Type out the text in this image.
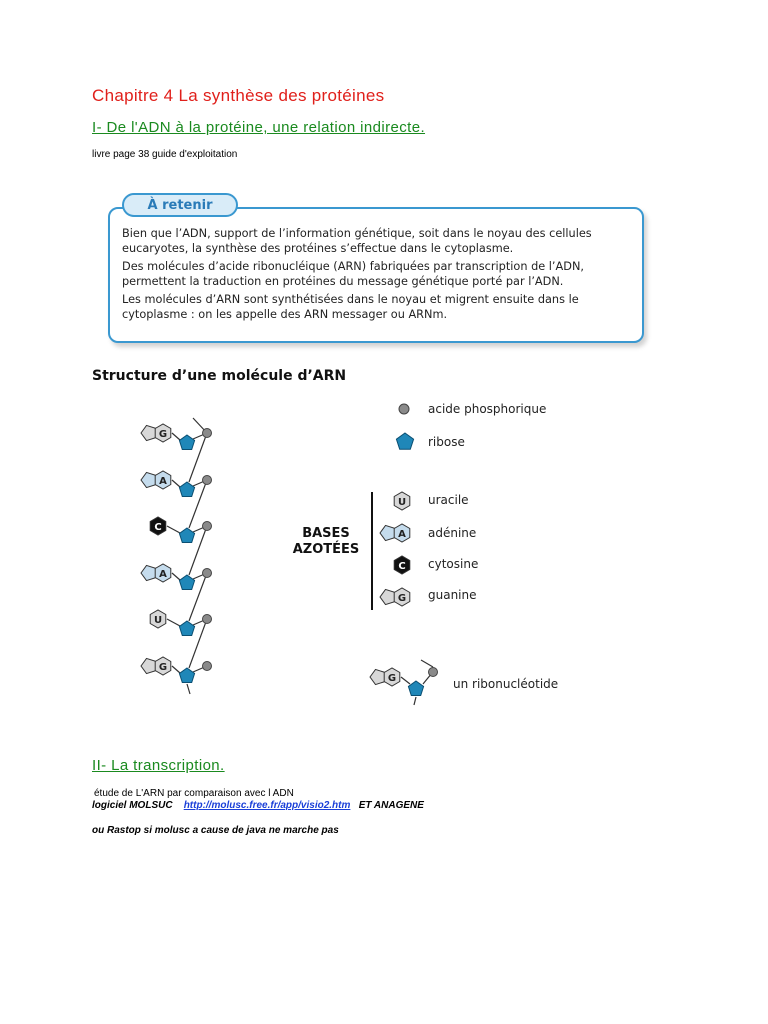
Chapitre 4 La synthèse des protéines
I- De l'ADN à la protéine, une relation indirecte.
livre page 38 guide d'exploitation
À retenir

Bien que l’ADN, support de l’information génétique, soit dans le noyau des cellules eucaryotes, la synthèse des protéines s’effectue dans le cytoplasme.

Des molécules d’acide ribonucléique (ARN) fabriquées par transcription de l’ADN, permettent la traduction en protéines du message génétique porté par l’ADN.

Les molécules d’ARN sont synthétisées dans le noyau et migrent ensuite dans le cytoplasme : on les appelle des ARN messager ou ARNm.

Structure d’une molécule d’ARN
G
A
C
A
U
G
U
A
C
G
G
acide phosphorique
ribose
BASES
AZOTÉES
uracile
adénine
cytosine
guanine
un ribonucléotide
II- La transcription.
étude de L'ARN par comparaison avec l ADN
logiciel MOLSUC http://molusc.free.fr/app/visio2.htm ET ANAGENE
ou Rastop si molusc a cause de java ne marche pas
